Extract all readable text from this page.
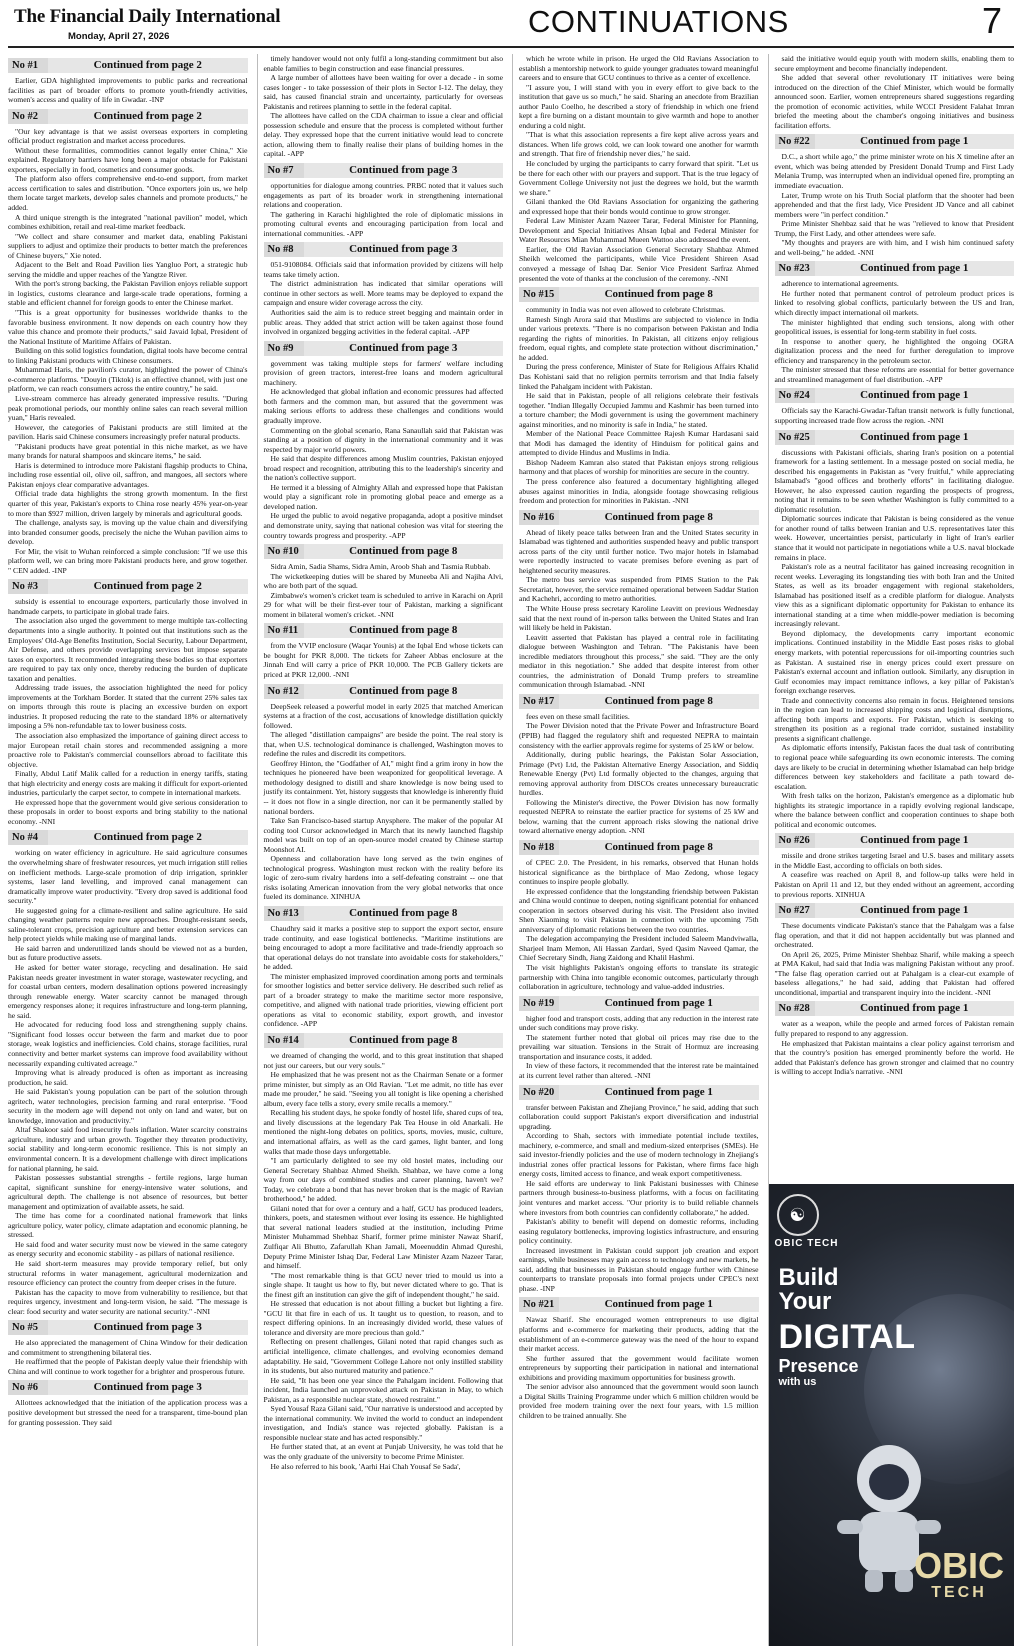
The Financial Daily International
Monday, April 27, 2026	CONTINUATIONS	7
No #1	Continued from page 2

Earlier, GDA highlighted improvements to public parks and recreational facilities as part of broader efforts to promote youth-friendly activities, women's access and quality of life in Gwadar. -INP

No #2	Continued from page 2

"Our key advantage is that we assist overseas exporters in completing official product registration and market access procedures.

Without these formalities, commodities cannot legally enter China," Xie explained. Regulatory barriers have long been a major obstacle for Pakistani exporters, especially in food, cosmetics and consumer goods.

The platform also offers comprehensive end-to-end support, from market access certification to sales and distribution. "Once exporters join us, we help them locate target markets, develop sales channels and promote products," he added.

A third unique strength is the integrated "national pavilion" model, which combines exhibition, retail and real-time market feedback.

"We collect and share consumer and market data, enabling Pakistani suppliers to adjust and optimize their products to better match the preferences of Chinese buyers," Xie noted.

Adjacent to the Belt and Road Pavilion lies Yangluo Port, a strategic hub serving the middle and upper reaches of the Yangtze River.

With the port's strong backing, the Pakistan Pavilion enjoys reliable support in logistics, customs clearance and large-scale trade operations, forming a stable and efficient channel for foreign goods to enter the Chinese market.

"This is a great opportunity for businesses worldwide thanks to the favorable business environment. It now depends on each country how they value this chance and promote their products," said Javaid Iqbal, President of the National Institute of Maritime Affairs of Pakistan.

Building on this solid logistics foundation, digital tools have become central to linking Pakistani products with Chinese consumers.

Muhammad Haris, the pavilion's curator, highlighted the power of China's e-commerce platforms. "Douyin (Tiktok) is an effective channel, with just one platform, we can reach consumers across the entire country," he said.

Live-stream commerce has already generated impressive results. "During peak promotional periods, our monthly online sales can reach several million yuan," Haris revealed.

However, the categories of Pakistani products are still limited at the pavilion. Haris said Chinese consumers increasingly prefer natural products.

"Pakistani products have great potential in this niche market, as we have many brands for natural shampoos and skincare items," he said.

Haris is determined to introduce more Pakistani flagship products to China, including rose essential oil, olive oil, saffron, and mangoes, all sectors where Pakistan enjoys clear comparative advantages.

Official trade data highlights the strong growth momentum. In the first quarter of this year, Pakistan's exports to China rose nearly 45% year-on-year to more than $927 million, driven largely by minerals and agricultural goods.

The challenge, analysts say, is moving up the value chain and diversifying into branded consumer goods, precisely the niche the Wuhan pavilion aims to develop.

For Mir, the visit to Wuhan reinforced a simple conclusion: "If we use this platform well, we can bring more Pakistani products here, and grow together. " CEN added. -INP

No #3	Continued from page 2

subsidy is essential to encourage exporters, particularly those involved in handmade carpets, to participate in global trade fairs.

The association also urged the government to merge multiple tax-collecting departments into a single authority. It pointed out that institutions such as the Employees' Old-Age Benefits Institution, Social Security, Labour Department, Air Defense, and others provide overlapping services but impose separate taxes on exporters. It recommended integrating these bodies so that exporters are required to pay tax only once, thereby reducing the burden of duplicate taxation and penalties.

Addressing trade issues, the association highlighted the need for policy improvements at the Torkham Border. It stated that the current 25% sales tax on imports through this route is placing an excessive burden on export industries. It proposed reducing the rate to the standard 18% or alternatively imposing a 5% non-refundable tax to lower business costs.

The association also emphasized the importance of gaining direct access to major European retail chain stores and recommended assigning a more proactive role to Pakistan's commercial counsellors abroad to facilitate this objective.

Finally, Abdul Latif Malik called for a reduction in energy tariffs, stating that high electricity and energy costs are making it difficult for export-oriented industries, particularly the carpet sector, to compete in international markets.

He expressed hope that the government would give serious consideration to these proposals in order to boost exports and bring stability to the national economy. -NNI

No #4	Continued from page 2

working on water efficiency in agriculture. He said agriculture consumes the overwhelming share of freshwater resources, yet much irrigation still relies on inefficient methods. Large-scale promotion of drip irrigation, sprinkler systems, laser land levelling, and improved canal management can dramatically improve water productivity. "Every drop saved is additional food security."

He suggested going for a climate-resilient and saline agriculture. He said changing weather patterns require new approaches. Drought-resistant seeds, saline-tolerant crops, precision agriculture and better extension services can help protect yields while making use of marginal lands.

He said barren and underutilized lands should be viewed not as a burden, but as future productive assets.

He asked for better water storage, recycling and desalination. He said Pakistan needs greater investment in water storage, wastewater recycling, and for coastal urban centers, modern desalination options powered increasingly through renewable energy. Water scarcity cannot be managed through emergency responses alone; it requires infrastructure and long-term planning, he said.

He advocated for reducing food loss and strengthening supply chains. "Significant food losses occur between the farm and market due to poor storage, weak logistics and inefficiencies. Cold chains, storage facilities, rural connectivity and better market systems can improve food availability without necessarily expanding cultivated acreage."

Improving what is already produced is often as important as increasing production, he said.

He said Pakistan's young population can be part of the solution through agritech, water technologies, precision farming and rural enterprise. "Food security in the modern age will depend not only on land and water, but on knowledge, innovation and productivity."

Altaf Shakoor said food insecurity fuels inflation. Water scarcity constrains agriculture, industry and urban growth. Together they threaten productivity, social stability and long-term economic resilience. This is not simply an environmental concern. It is a development challenge with direct implications for national planning, he said.

Pakistan possesses substantial strengths - fertile regions, large human capital, significant sunshine for energy-intensive water solutions, and agricultural depth. The challenge is not absence of resources, but better management and optimization of available assets, he said.

The time has come for a coordinated national framework that links agriculture policy, water policy, climate adaptation and economic planning, he stressed.

He said food and water security must now be viewed in the same category as energy security and economic stability - as pillars of national resilience.

He said short-term measures may provide temporary relief, but only structural reforms in water management, agricultural modernization and resource efficiency can protect the country from deeper crises in the future.

Pakistan has the capacity to move from vulnerability to resilience, but that requires urgency, investment and long-term vision, he said. "The message is clear: food security and water security are national security." -NNI

No #5	Continued from page 3

He also appreciated the management of China Window for their dedication and commitment to strengthening bilateral ties.

He reaffirmed that the people of Pakistan deeply value their friendship with China and will continue to work together for a brighter and prosperous future.

No #6	Continued from page 3

Allottees acknowledged that the initiation of the application process was a positive development but stressed the need for a transparent, time-bound plan for granting possession. They said

timely handover would not only fulfil a long-standing commitment but also enable families to begin construction and ease financial pressures.

A large number of allottees have been waiting for over a decade - in some cases longer - to take possession of their plots in Sector I-12. The delay, they said, has caused financial strain and uncertainty, particularly for overseas Pakistanis and retirees planning to settle in the federal capital.

The allottees have called on the CDA chairman to issue a clear and official possession schedule and ensure that the process is completed without further delay. They expressed hope that the current initiative would lead to concrete action, allowing them to finally realise their plans of building homes in the capital. -APP

No #7	Continued from page 3

opportunities for dialogue among countries. PRBC noted that it values such engagements as part of its broader work in strengthening international relations and cooperation.

The gathering in Karachi highlighted the role of diplomatic missions in promoting cultural events and encouraging participation from local and international communities. -APP

No #8	Continued from page 3

051-9108084. Officials said that information provided by citizens will help teams take timely action.

The district administration has indicated that similar operations will continue in other sectors as well. More teams may be deployed to expand the campaign and ensure wider coverage across the city.

Authorities said the aim is to reduce street begging and maintain order in public areas. They added that strict action will be taken against those found involved in organized begging activities in the federal capital. -APP

No #9	Continued from page 3

government was taking multiple steps for farmers' welfare including provision of green tractors, interest-free loans and modern agricultural machinery.

He acknowledged that global inflation and economic pressures had affected both farmers and the common man, but assured that the government was making serious efforts to address these challenges and conditions would gradually improve.

Commenting on the global scenario, Rana Sanaullah said that Pakistan was standing at a position of dignity in the international community and it was respected by major world powers.

He said that despite differences among Muslim countries, Pakistan enjoyed broad respect and recognition, attributing this to the leadership's sincerity and the nation's collective support.

He termed it a blessing of Almighty Allah and expressed hope that Pakistan would play a significant role in promoting global peace and emerge as a developed nation.

He urged the public to avoid negative propaganda, adopt a positive mindset and demonstrate unity, saying that national cohesion was vital for steering the country towards progress and prosperity. -APP

No #10	Continued from page 8

Sidra Amin, Sadia Shams, Sidra Amin, Aroob Shah and Tasmia Rubbab.

The wicketkeeping duties will be shared by Muneeba Ali and Najiha Alvi, who are both part of the squad.

Zimbabwe's women's cricket team is scheduled to arrive in Karachi on April 29 for what will be their first-ever tour of Pakistan, marking a significant moment in bilateral women's cricket. -NNI

No #11	Continued from page 8

from the VVIP enclosure (Waqar Younis) at the Iqbal End whose tickets can be bought for PKR 8,000. The tickets for Zaheer Abbas enclosure at the Jinnah End will carry a price of PKR 10,000. The PCB Gallery tickets are priced at PKR 12,000. -NNI

No #12	Continued from page 8

DeepSeek released a powerful model in early 2025 that matched American systems at a fraction of the cost, accusations of knowledge distillation quickly followed.

The alleged "distillation campaigns" are beside the point. The real story is that, when U.S. technological dominance is challenged, Washington moves to redefine the rules and discredit its competitors.

Geoffrey Hinton, the "Godfather of AI," might find a grim irony in how the techniques he pioneered have been weaponized for geopolitical leverage. A methodology designed to distill and share knowledge is now being used to justify its containment. Yet, history suggests that knowledge is inherently fluid -- it does not flow in a single direction, nor can it be permanently stalled by national borders.

Take San Francisco-based startup Anysphere. The maker of the popular AI coding tool Cursor acknowledged in March that its newly launched flagship model was built on top of an open-source model created by Chinese startup Moonshot AI.

Openness and collaboration have long served as the twin engines of technological progress. Washington must reckon with the reality before its logic of zero-sum rivalry hardens into a self-defeating constraint -- one that risks isolating American innovation from the very global networks that once fueled its dominance. XINHUA

No #13	Continued from page 8

Chaudhry said it marks a positive step to support the export sector, ensure trade continuity, and ease logistical bottlenecks. "Maritime institutions are being encouraged to adopt a more facilitative and trade-friendly approach so that operational delays do not translate into avoidable costs for stakeholders," he added.

The minister emphasized improved coordination among ports and terminals for smoother logistics and better service delivery. He described such relief as part of a broader strategy to make the maritime sector more responsive, competitive, and aligned with national trade priorities, viewing efficient port operations as vital to economic stability, export growth, and investor confidence. -APP

No #14	Continued from page 8

we dreamed of changing the world, and to this great institution that shaped not just our careers, but our very souls."

He emphasized that he was present not as the Chairman Senate or a former prime minister, but simply as an Old Ravian. "Let me admit, no title has ever made me prouder," he said. "Seeing you all tonight is like opening a cherished album, every face tells a story, every smile recalls a memory."

Recalling his student days, he spoke fondly of hostel life, shared cups of tea, and lively discussions at the legendary Pak Tea House in old Anarkali. He mentioned the night-long debates on politics, sports, movies, music, culture, and international affairs, as well as the card games, light banter, and long walks that made those days unforgettable.

"I am particularly delighted to see my old hostel mates, including our General Secretary Shahbaz Ahmed Sheikh. Shahbaz, we have come a long way from our days of combined studies and career planning, haven't we? Today, we celebrate a bond that has never broken that is the magic of Ravian brotherhood," he added.

Gilani noted that for over a century and a half, GCU has produced leaders, thinkers, poets, and statesmen without ever losing its essence. He highlighted that several national leaders studied at the institution, including Prime Minister Muhammad Shehbaz Sharif, former prime minister Nawaz Sharif, Zulfiqar Ali Bhutto, Zafarullah Khan Jamali, Moeenuddin Ahmad Qureshi, Deputy Prime Minister Ishaq Dar, Federal Law Minister Azam Nazeer Tarar, and himself.

"The most remarkable thing is that GCU never tried to mould us into a single shape. It taught us how to fly, but never dictated where to go. That is the finest gift an institution can give the gift of independent thought," he said.

He stressed that education is not about filling a bucket but lighting a fire. "GCU lit that fire in each of us. It taught us to question, to reason, and to respect differing opinions. In an increasingly divided world, these values of tolerance and diversity are more precious than gold."

Reflecting on present challenges, Gilani noted that rapid changes such as artificial intelligence, climate challenges, and evolving economies demand adaptability. He said, "Government College Lahore not only instilled stability in its students, but also nurtured maturity and patience."

He said, "It has been one year since the Pahalgam incident. Following that incident, India launched an unprovoked attack on Pakistan in May, to which Pakistan, as a responsible nuclear state, showed restraint."

Syed Yousaf Raza Gilani said, "Our narrative is understood and accepted by the international community. We invited the world to conduct an independent investigation, and India's stance was rejected globally. Pakistan is a responsible nuclear state and has acted responsibly."

He further stated that, at an event at Punjab University, he was told that he was the only graduate of the university to become Prime Minister.

He also referred to his book, 'Aarhi Hai Chah Yousaf Se Sada',

which he wrote while in prison. He urged the Old Ravians Association to establish a mentorship network to guide younger graduates toward meaningful careers and to ensure that GCU continues to thrive as a center of excellence.

"I assure you, I will stand with you in every effort to give back to the institution that gave us so much," he said. Sharing an anecdote from Brazilian author Paulo Coelho, he described a story of friendship in which one friend kept a fire burning on a distant mountain to give warmth and hope to another enduring a cold night.

"That is what this association represents a fire kept alive across years and distances. When life grows cold, we can look toward one another for warmth and strength. That fire of friendship never dies," he said.

He concluded by urging the participants to carry forward that spirit. "Let us be there for each other with our prayers and support. That is the true legacy of Government College University not just the degrees we hold, but the warmth we share."

Gilani thanked the Old Ravians Association for organizing the gathering and expressed hope that their bonds would continue to grow stronger.

Federal Law Minister Azam Nazeer Tarar, Federal Minister for Planning, Development and Special Initiatives Ahsan Iqbal and Federal Minister for Water Resources Mian Muhammad Mueen Wattoo also addressed the event.

Earlier, the Old Ravian Association General Secretary Shahbaz Ahmed Sheikh welcomed the participants, while Vice President Shireen Asad conveyed a message of Ishaq Dar. Senior Vice President Sarfraz Ahmed presented the vote of thanks at the conclusion of the ceremony. -NNI

No #15	Continued from page 8

community in India was not even allowed to celebrate Christmas.

Ramesh Singh Arora said that Muslims are subjected to violence in India under various pretexts. "There is no comparison between Pakistan and India regarding the rights of minorities. In Pakistan, all citizens enjoy religious freedom, equal rights, and complete state protection without discrimination," he added.

During the press conference, Minister of State for Religious Affairs Khalid Das Kohistani said that no religion permits terrorism and that India falsely linked the Pahalgam incident with Pakistan.

He said that in Pakistan, people of all religions celebrate their festivals together. "Indian Illegally Occupied Jammu and Kashmir has been turned into a torture chamber; the Modi government is using the government machinery against minorities, and no minority is safe in India," he stated.

Member of the National Peace Committee Rajesh Kumar Hardasani said that Modi has damaged the identity of Hinduism for political gains and attempted to divide Hindus and Muslims in India.

Bishop Nadeem Kamran also stated that Pakistan enjoys strong religious harmony and that places of worship for minorities are secure in the country.

The press conference also featured a documentary highlighting alleged abuses against minorities in India, alongside footage showcasing religious freedom and protection for minorities in Pakistan. -NNI

No #16	Continued from page 8

Ahead of likely peace talks between Iran and the United States security in Islamabad was tightened and authorities suspended heavy and public transport across parts of the city until further notice. Two major hotels in Islamabad were reportedly instructed to vacate premises before evening as part of heightened security measures.

The metro bus service was suspended from PIMS Station to the Pak Secretariat, however, the service remained operational between Saddar Station and Kachehri, according to metro authorities.

The White House press secretary Karoline Leavitt on previous Wednesday said that the next round of in-person talks between the United States and Iran will likely be held in Pakistan.

Leavitt asserted that Pakistan has played a central role in facilitating dialogue between Washington and Tehran. "The Pakistanis have been incredible mediators throughout this process," she said. "They are the only mediator in this negotiation." She added that despite interest from other countries, the administration of Donald Trump prefers to streamline communication through Islamabad. -NNI

No #17	Continued from page 8

fees even on these small facilities.

The Power Division noted that the Private Power and Infrastructure Board (PPIB) had flagged the regulatory shift and requested NEPRA to maintain consistency with the earlier approvals regime for systems of 25 kW or below.

Additionally, during public hearings, the Pakistan Solar Association, Primage (Pvt) Ltd, the Pakistan Alternative Energy Association, and Siddiq Renewable Energy (Pvt) Ltd formally objected to the changes, arguing that removing approval authority from DISCOs creates unnecessary bureaucratic hurdles.

Following the Minister's directive, the Power Division has now formally requested NEPRA to reinstate the earlier practice for systems of 25 kW and below, warning that the current approach risks slowing the national drive toward alternative energy adoption. -NNI

No #18	Continued from page 8

of CPEC 2.0. The President, in his remarks, observed that Hunan holds historical significance as the birthplace of Mao Zedong, whose legacy continues to inspire people globally.

He expressed confidence that the longstanding friendship between Pakistan and China would continue to deepen, noting significant potential for enhanced cooperation in sectors observed during his visit. The President also invited Shen Xiaoming to visit Pakistan in connection with the upcoming 75th anniversary of diplomatic relations between the two countries.

The delegation accompanying the President included Saleem Mandviwalla, Sharjeel Inam Memon, Ali Hassan Zardari, Syed Qasim Naveed Qamar, the Chief Secretary Sindh, Jiang Zaidong and Khalil Hashmi.

The visit highlights Pakistan's ongoing efforts to translate its strategic partnership with China into tangible economic outcomes, particularly through collaboration in agriculture, technology and value-added industries.

No #19	Continued from page 1

higher food and transport costs, adding that any reduction in the interest rate under such conditions may prove risky.

The statement further noted that global oil prices may rise due to the prevailing war situation. Tensions in the Strait of Hormuz are increasing transportation and insurance costs, it added.

In view of these factors, it recommended that the interest rate be maintained at its current level rather than altered. -NNI

No #20	Continued from page 1

transfer between Pakistan and Zhejiang Province," he said, adding that such collaboration could support Pakistan's export diversification and industrial upgrading.

According to Shah, sectors with immediate potential include textiles, machinery, e-commerce, and small and medium-sized enterprises (SMEs). He said investor-friendly policies and the use of modern technology in Zhejiang's industrial zones offer practical lessons for Pakistan, where firms face high energy costs, limited access to finance, and weak export competitiveness.

He said efforts are underway to link Pakistani businesses with Chinese partners through business-to-business platforms, with a focus on facilitating joint ventures and market access. "Our priority is to build reliable channels where investors from both countries can confidently collaborate," he added.

Pakistan's ability to benefit will depend on domestic reforms, including easing regulatory bottlenecks, improving logistics infrastructure, and ensuring policy continuity.

Increased investment in Pakistan could support job creation and export earnings, while businesses may gain access to technology and new markets, he said, adding that businesses in Pakistan should engage further with Chinese counterparts to translate proposals into formal projects under CPEC's next phase. -INP

No #21	Continued from page 1

Nawaz Sharif. She encouraged women entrepreneurs to use digital platforms and e-commerce for marketing their products, adding that the establishment of an e-commerce gateway was the need of the hour to expand their market access.

She further assured that the government would facilitate women entrepreneurs by supporting their participation in national and international exhibitions and providing maximum opportunities for business growth.

The senior advisor also announced that the government would soon launch a Digital Skills Training Programme under which 6 million children would be provided free modern training over the next four years, with 1.5 million children to be trained annually. She

said the initiative would equip youth with modern skills, enabling them to secure employment and become financially independent.

She added that several other revolutionary IT initiatives were being introduced on the direction of the Chief Minister, which would be formally announced soon. Earlier, women entrepreneurs shared suggestions regarding the promotion of economic activities, while WCCI President Falahat Imran briefed the meeting about the chamber's ongoing initiatives and business facilitation efforts.

No #22	Continued from page 1

D.C., a short while ago," the prime minister wrote on his X timeline after an event, which was being attended by President Donald Trump and First Lady Melania Trump, was interrupted when an individual opened fire, prompting an immediate evacuation.

Later, Trump wrote on his Truth Social platform that the shooter had been apprehended and that the first lady, Vice President JD Vance and all cabinet members were "in perfect condition."

Prime Minister Shehbaz said that he was "relieved to know that President Trump, the First Lady, and other attendees were safe.

"My thoughts and prayers are with him, and I wish him continued safety and well-being," he added. -NNI

No #23	Continued from page 1

adherence to international agreements.

He further noted that permanent control of petroleum product prices is linked to resolving global conflicts, particularly between the US and Iran, which directly impact international oil markets.

The minister highlighted that ending such tensions, along with other geopolitical issues, is essential for long-term stability in fuel costs.

In response to another query, he highlighted the ongoing OGRA digitalization process and the need for further deregulation to improve efficiency and transparency in the petroleum sector.

The minister stressed that these reforms are essential for better governance and streamlined management of fuel distribution. -APP

No #24	Continued from page 1

Officials say the Karachi-Gwadar-Taftan transit network is fully functional, supporting increased trade flow across the region. -NNI

No #25	Continued from page 1

discussions with Pakistani officials, sharing Iran's position on a potential framework for a lasting settlement. In a message posted on social media, he described his engagements in Pakistan as "very fruitful," while appreciating Islamabad's "good offices and brotherly efforts" in facilitating dialogue. However, he also expressed caution regarding the prospects of progress, noting that it remains to be seen whether Washington is fully committed to a diplomatic resolution.

Diplomatic sources indicate that Pakistan is being considered as the venue for another round of talks between Iranian and U.S. representatives later this week. However, uncertainties persist, particularly in light of Iran's earlier stance that it would not participate in negotiations while a U.S. naval blockade remains in place.

Pakistan's role as a neutral facilitator has gained increasing recognition in recent weeks. Leveraging its longstanding ties with both Iran and the United States, as well as its broader engagement with regional stakeholders, Islamabad has positioned itself as a credible platform for dialogue. Analysts view this as a significant diplomatic opportunity for Pakistan to enhance its international standing at a time when middle-power mediation is becoming increasingly relevant.

Beyond diplomacy, the developments carry important economic implications. Continued instability in the Middle East poses risks to global energy markets, with potential repercussions for oil-importing countries such as Pakistan. A sustained rise in energy prices could exert pressure on Pakistan's external account and inflation outlook. Similarly, any disruption in Gulf economies may impact remittance inflows, a key pillar of Pakistan's foreign exchange reserves.

Trade and connectivity concerns also remain in focus. Heightened tensions in the region can lead to increased shipping costs and logistical disruptions, affecting both imports and exports. For Pakistan, which is seeking to strengthen its position as a regional trade corridor, sustained instability presents a significant challenge.

As diplomatic efforts intensify, Pakistan faces the dual task of contributing to regional peace while safeguarding its own economic interests. The coming days are likely to be crucial in determining whether Islamabad can help bridge differences between key stakeholders and facilitate a path toward de-escalation.

With fresh talks on the horizon, Pakistan's emergence as a diplomatic hub highlights its strategic importance in a rapidly evolving regional landscape, where the balance between conflict and cooperation continues to shape both political and economic outcomes.

No #26	Continued from page 1

missile and drone strikes targeting Israel and U.S. bases and military assets in the Middle East, according to officials on both sides.

A ceasefire was reached on April 8, and follow-up talks were held in Pakistan on April 11 and 12, but they ended without an agreement, according to previous reports. XINHUA

No #27	Continued from page 1

These documents vindicate Pakistan's stance that the Pahalgam was a false flag operation, and that it did not happen accidentally but was planned and orchestrated.

On April 26, 2025, Prime Minister Shehbaz Sharif, while making a speech at PMA Kakul, had said that India was maligning Pakistan without any proof. "The false flag operation carried out at Pahalgam is a clear-cut example of baseless allegations," he had said, adding that Pakistan had offered unconditional, impartial and transparent inquiry into the incident. -NNI

No #28	Continued from page 1

water as a weapon, while the people and armed forces of Pakistan remain fully prepared to respond to any aggression.

He emphasized that Pakistan maintains a clear policy against terrorism and that the country's position has emerged prominently before the world. He added that Pakistan's defence has grown stronger and claimed that no country is willing to accept India's narrative. -NNI

☯
OBIC TECH
Build
Your
DIGITAL
Presence
with us
OBIC
TECH
